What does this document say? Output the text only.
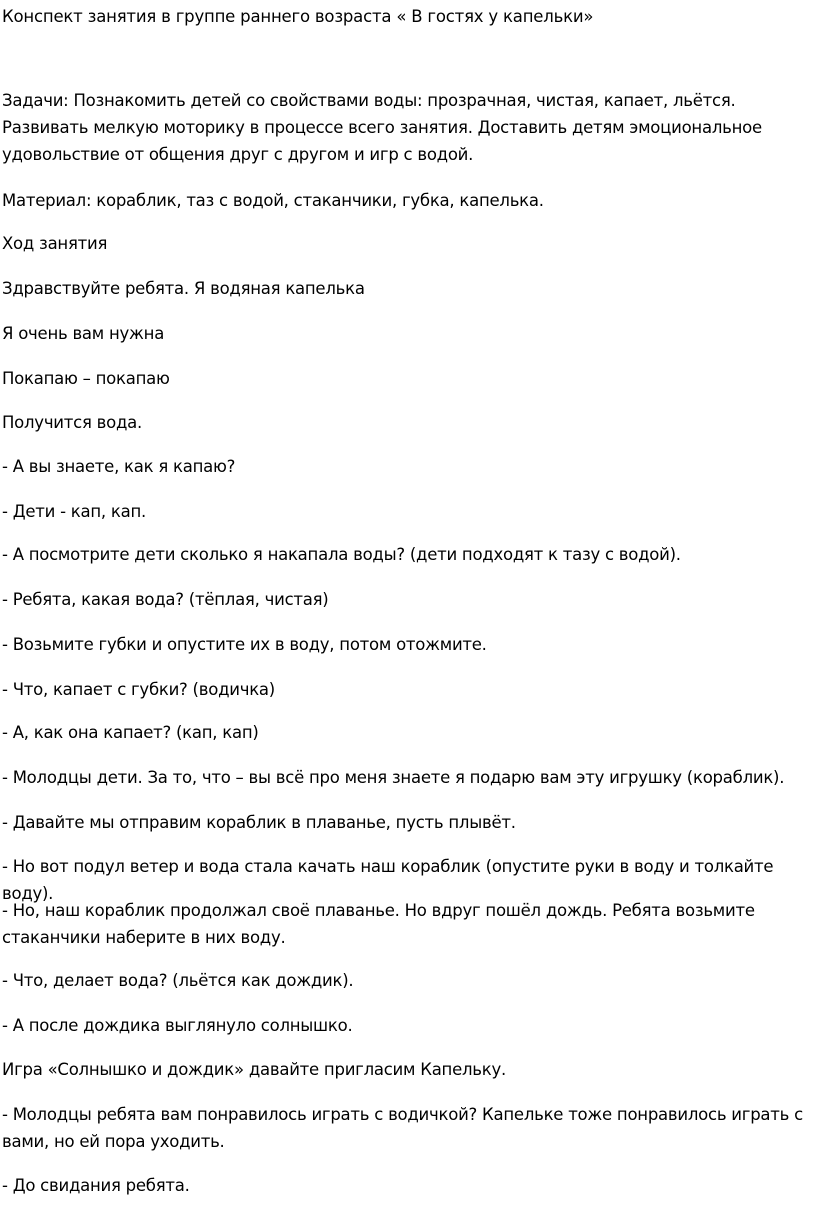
Конспект занятия в группе раннего возраста « В гостях у капельки»

Задачи: Познакомить детей со свойствами воды: прозрачная, чистая, капает, льётся. Развивать мелкую моторику в процессе всего занятия. Доставить детям эмоциональное удовольствие от общения друг с другом и игр с водой.

Материал: кораблик, таз с водой, стаканчики, губка, капелька.

Ход занятия

Здравствуйте ребята. Я водяная капелька

Я очень вам нужна

Покапаю – покапаю

Получится вода.

- А вы знаете, как я капаю?

- Дети - кап, кап.

- А посмотрите дети сколько я накапала воды? (дети подходят к тазу с водой).

- Ребята, какая вода? (тёплая, чистая)

- Возьмите губки и опустите их в воду, потом отожмите.

- Что, капает с губки? (водичка)

- А, как она капает? (кап, кап)

- Молодцы дети. За то, что – вы всё про меня знаете я подарю вам эту игрушку (кораблик).

- Давайте мы отправим кораблик в плаванье, пусть плывёт.

- Но вот подул ветер и вода стала качать наш кораблик (опустите руки в воду и толкайте воду).

- Но, наш кораблик продолжал своё плаванье. Но вдруг пошёл дождь. Ребята возьмите стаканчики наберите в них воду.

- Что, делает вода? (льётся как дождик).

- А после дождика выглянуло солнышко.

Игра «Солнышко и дождик» давайте пригласим Капельку.

- Молодцы ребята вам понравилось играть с водичкой? Капельке тоже понравилось играть с вами, но ей пора уходить.

- До свидания ребята.
